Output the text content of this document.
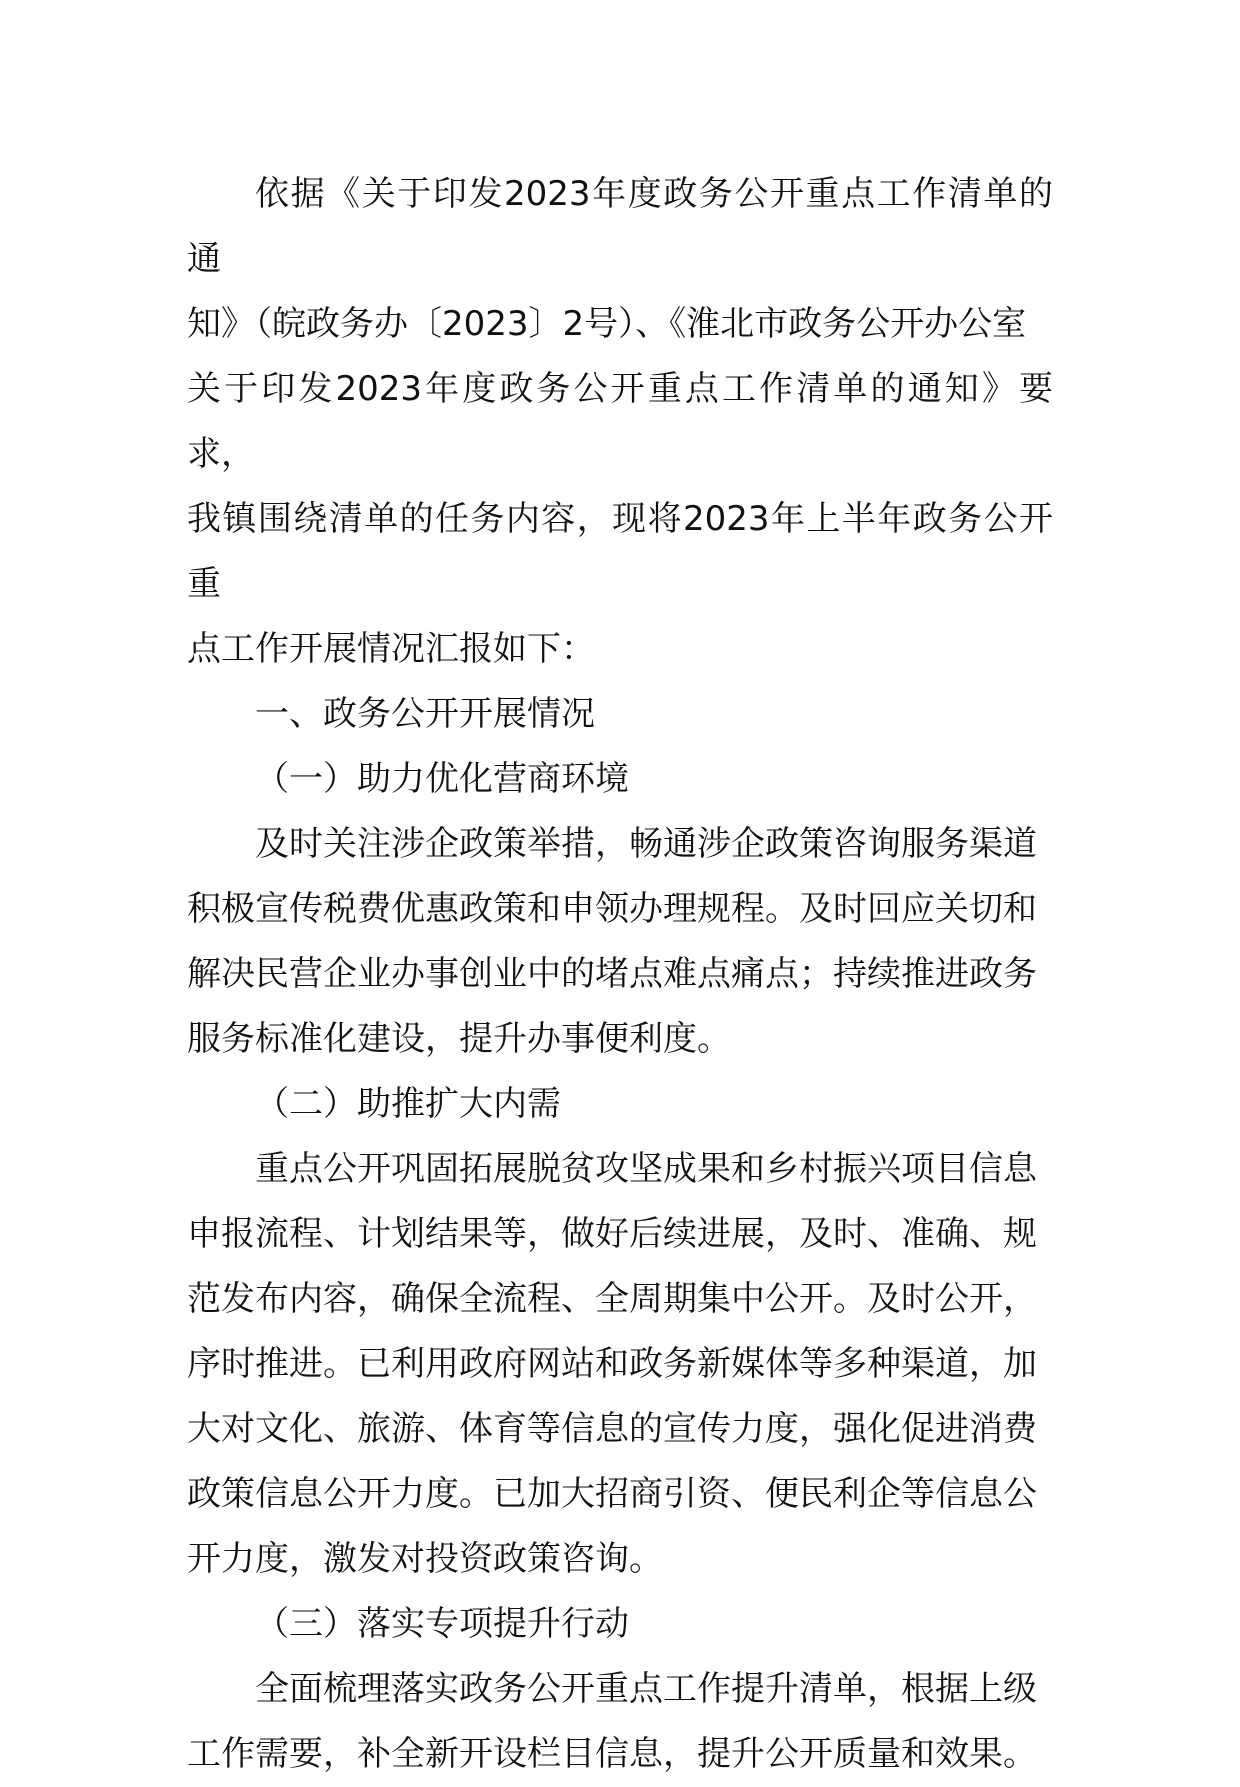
依据《关于印发2023年度政务公开重点工作清单的通
知》（皖政务办〔2023〕2号）、《淮北市政务公开办公室
关于印发2023年度政务公开重点工作清单的通知》要求，
我镇围绕清单的任务内容，现将2023年上半年政务公开重
点工作开展情况汇报如下：

一、政务公开开展情况

（一）助力优化营商环境

及时关注涉企政策举措，畅通涉企政策咨询服务渠道
积极宣传税费优惠政策和申领办理规程。及时回应关切和
解决民营企业办事创业中的堵点难点痛点；持续推进政务
服务标准化建设，提升办事便利度。

（二）助推扩大内需

重点公开巩固拓展脱贫攻坚成果和乡村振兴项目信息
申报流程、计划结果等，做好后续进展，及时、准确、规
范发布内容，确保全流程、全周期集中公开。及时公开，
序时推进。已利用政府网站和政务新媒体等多种渠道，加
大对文化、旅游、体育等信息的宣传力度，强化促进消费
政策信息公开力度。已加大招商引资、便民利企等信息公
开力度，激发对投资政策咨询。

（三）落实专项提升行动

全面梳理落实政务公开重点工作提升清单，根据上级
工作需要，补全新开设栏目信息，提升公开质量和效果。
